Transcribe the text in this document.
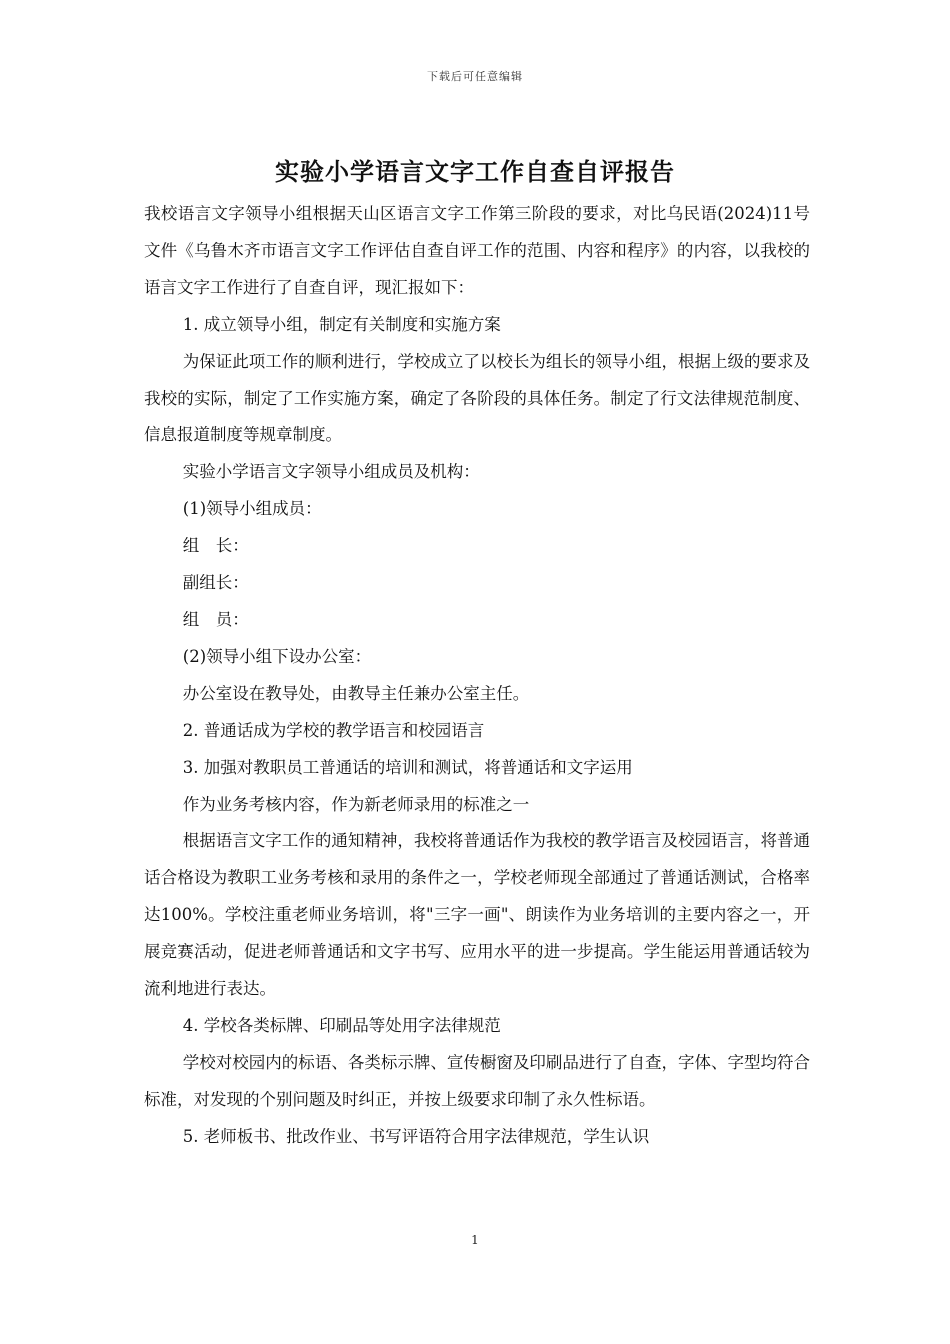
下载后可任意编辑
实验小学语言文字工作自查自评报告

我校语言文字领导小组根据天山区语言文字工作第三阶段的要求，对比乌民语(2024)11号文件《乌鲁木齐市语言文字工作评估自查自评工作的范围、内容和程序》的内容，以我校的语言文字工作进行了自查自评，现汇报如下：

1. 成立领导小组，制定有关制度和实施方案

为保证此项工作的顺利进行，学校成立了以校长为组长的领导小组，根据上级的要求及我校的实际，制定了工作实施方案，确定了各阶段的具体任务。制定了行文法律规范制度、信息报道制度等规章制度。

实验小学语言文字领导小组成员及机构：

(1)领导小组成员：

组　长：

副组长：

组　员：

(2)领导小组下设办公室：

办公室设在教导处，由教导主任兼办公室主任。

2. 普通话成为学校的教学语言和校园语言

3. 加强对教职员工普通话的培训和测试，将普通话和文字运用

作为业务考核内容，作为新老师录用的标准之一

根据语言文字工作的通知精神，我校将普通话作为我校的教学语言及校园语言，将普通话合格设为教职工业务考核和录用的条件之一，学校老师现全部通过了普通话测试，合格率达100%。学校注重老师业务培训，将"三字一画"、朗读作为业务培训的主要内容之一，开展竞赛活动，促进老师普通话和文字书写、应用水平的进一步提高。学生能运用普通话较为流利地进行表达。

4. 学校各类标牌、印刷品等处用字法律规范

学校对校园内的标语、各类标示牌、宣传橱窗及印刷品进行了自查，字体、字型均符合标准，对发现的个别问题及时纠正，并按上级要求印制了永久性标语。

5. 老师板书、批改作业、书写评语符合用字法律规范，学生认识

1
